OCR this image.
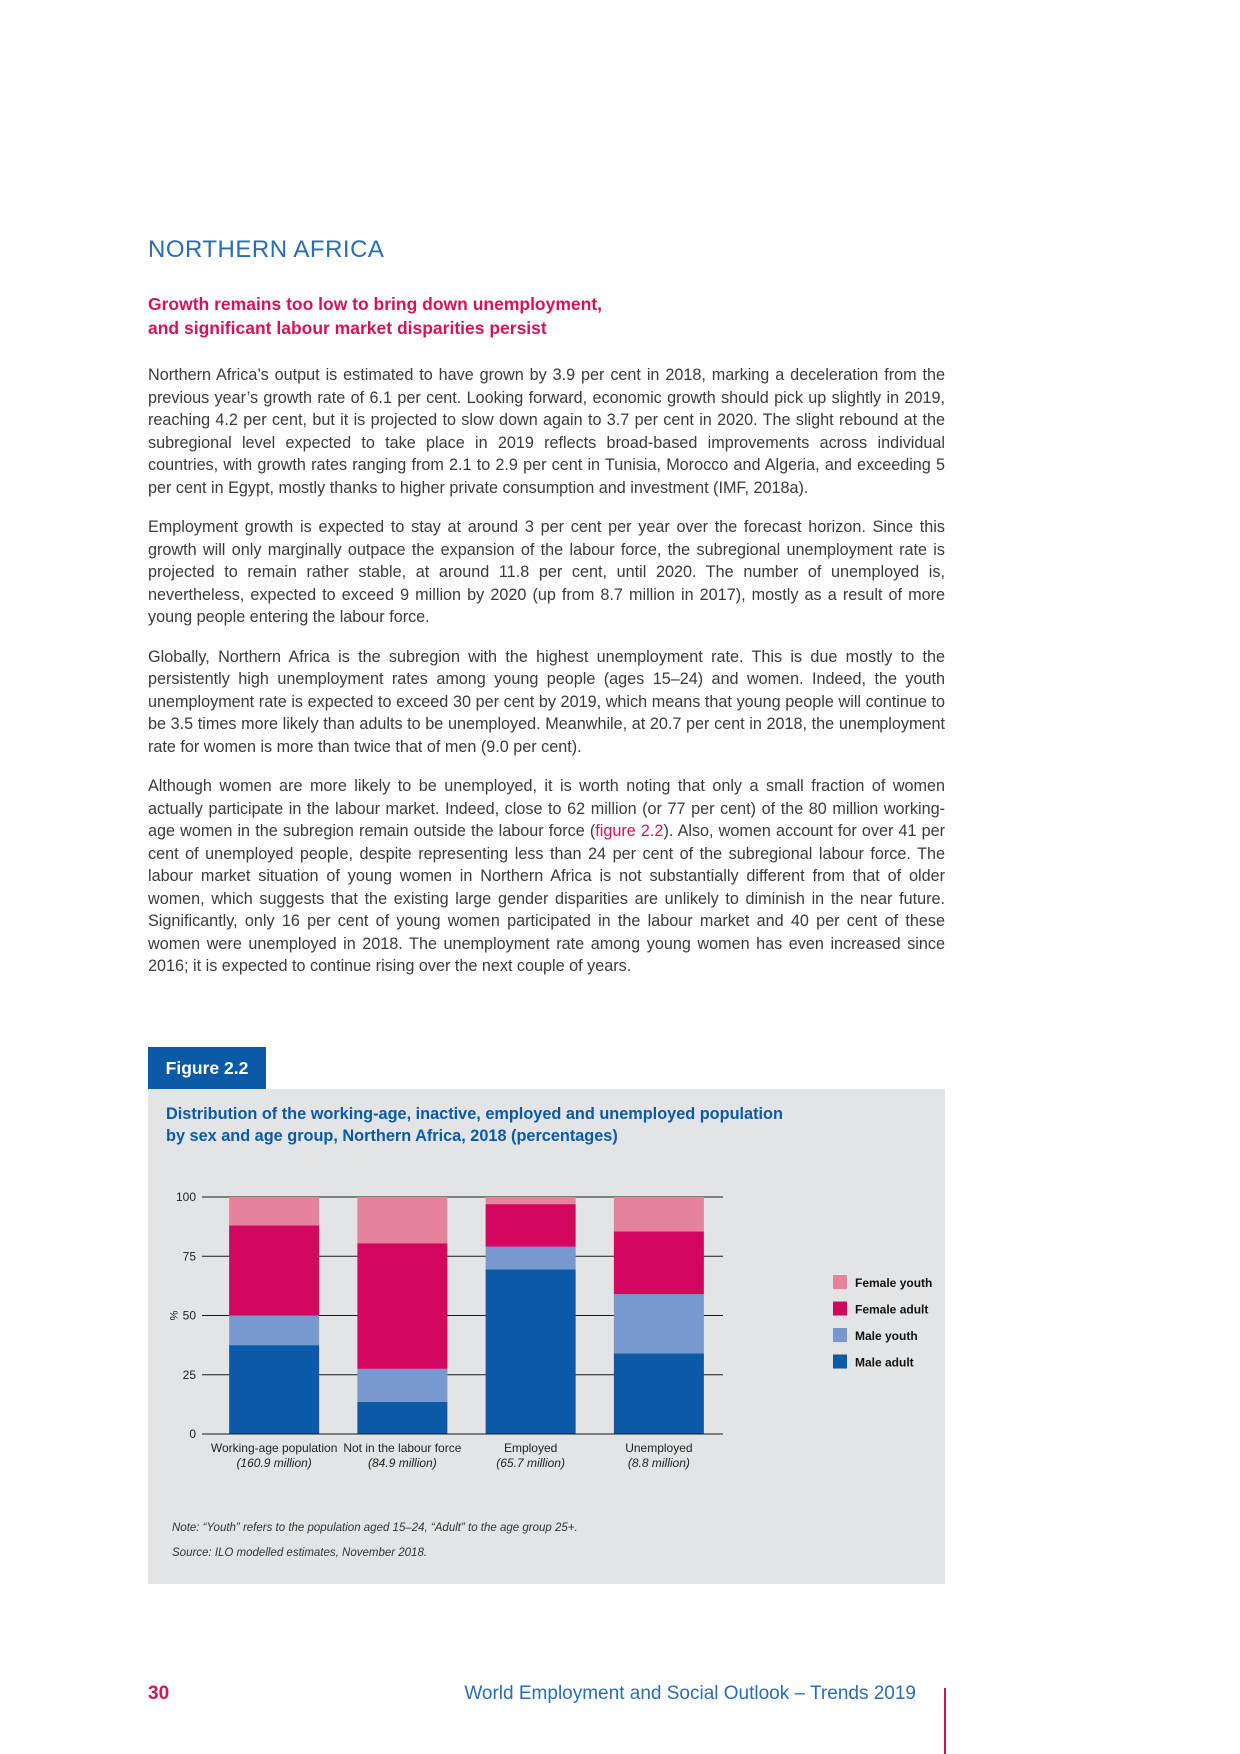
NORTHERN AFRICA
Growth remains too low to bring down unemployment,
and significant labour market disparities persist

Northern Africa’s output is estimated to have grown by 3.9 per cent in 2018, marking a deceleration from the previous year’s growth rate of 6.1 per cent. Looking forward, economic growth should pick up slightly in 2019, reaching 4.2 per cent, but it is projected to slow down again to 3.7 per cent in 2020. The slight rebound at the subregional level expected to take place in 2019 reflects broad-based improvements across individual countries, with growth rates ranging from 2.1 to 2.9 per cent in Tunisia, Morocco and Algeria, and exceeding 5 per cent in Egypt, mostly thanks to higher private consumption and investment (IMF, 2018a).

Employment growth is expected to stay at around 3 per cent per year over the forecast horizon. Since this growth will only marginally outpace the expansion of the labour force, the subregional unemployment rate is projected to remain rather stable, at around 11.8 per cent, until 2020. The number of unemployed is, nevertheless, expected to exceed 9 million by 2020 (up from 8.7 million in 2017), mostly as a result of more young people entering the labour force.

Globally, Northern Africa is the subregion with the highest unemployment rate. This is due mostly to the persistently high unemployment rates among young people (ages 15–24) and women. Indeed, the youth unemployment rate is expected to exceed 30 per cent by 2019, which means that young people will continue to be 3.5 times more likely than adults to be unemployed. Meanwhile, at 20.7 per cent in 2018, the unemployment rate for women is more than twice that of men (9.0 per cent).

Although women are more likely to be unemployed, it is worth noting that only a small fraction of women actually participate in the labour market. Indeed, close to 62 million (or 77 per cent) of the 80 million working-age women in the subregion remain outside the labour force (figure 2.2). Also, women account for over 41 per cent of unemployed people, despite representing less than 24 per cent of the subregional labour force. The labour market situation of young women in Northern Africa is not substantially different from that of older women, which suggests that the existing large gender disparities are unlikely to diminish in the near future. Significantly, only 16 per cent of young women participated in the labour market and 40 per cent of these women were unemployed in 2018. The unemployment rate among young women has even increased since 2016; it is expected to continue rising over the next couple of years.

Figure 2.2
Distribution of the working-age, inactive, employed and unemployed population
by sex and age group, Northern Africa, 2018 (percentages)
0
25
50
75
100
%
Working-age population
(160.9 million)
Not in the labour force
(84.9 million)
Employed
(65.7 million)
Unemployed
(8.8 million)
Female youth
Female adult
Male youth
Male adult
Note: “Youth” refers to the population aged 15–24, “Adult” to the age group 25+.
Source: ILO modelled estimates, November 2018.
30	World Employment and Social Outlook – Trends 2019
